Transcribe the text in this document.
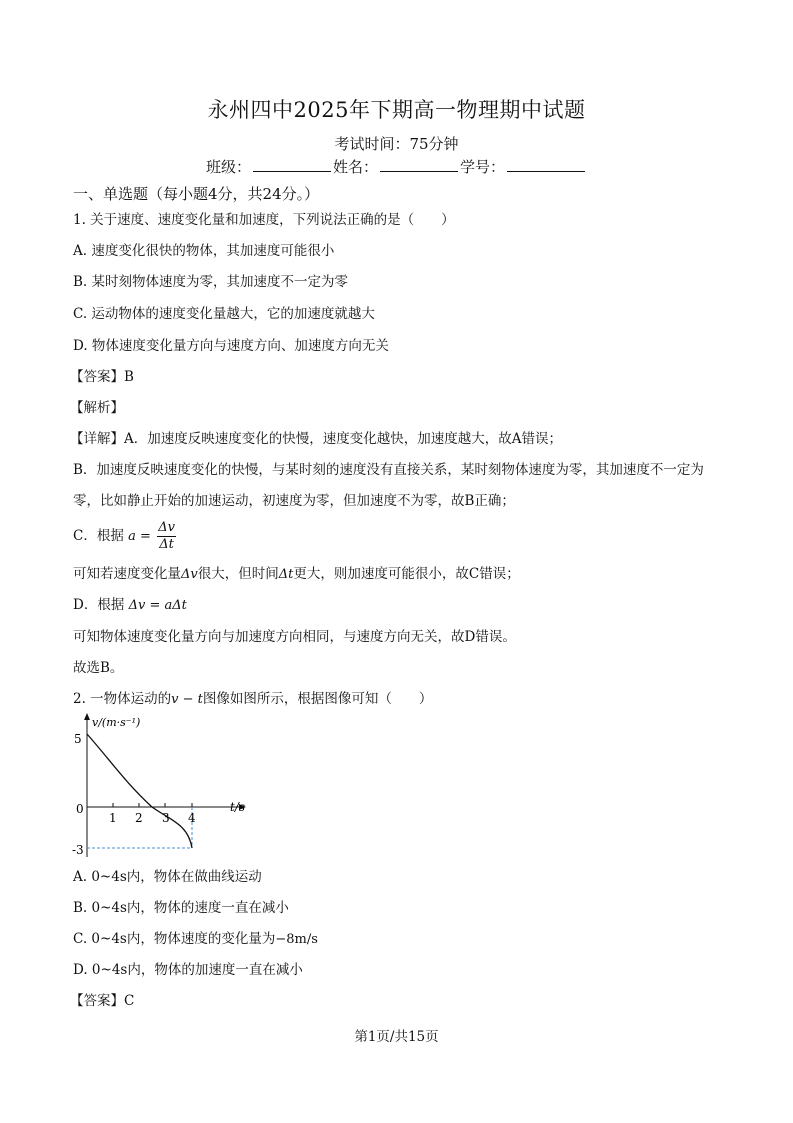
永州四中2025年下期高一物理期中试题
考试时间：75分钟
班级：	姓名：	学号：
一、单选题（每小题4分，共24分。）
1. 关于速度、速度变化量和加速度，下列说法正确的是（　　）
A. 速度变化很快的物体，其加速度可能很小
B. 某时刻物体速度为零，其加速度不一定为零
C. 运动物体的速度变化量越大，它的加速度就越大
D. 物体速度变化量方向与速度方向、加速度方向无关
【答案】B
【解析】
【详解】A．加速度反映速度变化的快慢，速度变化越快，加速度越大，故A错误；
B．加速度反映速度变化的快慢，与某时刻的速度没有直接关系，某时刻物体速度为零，其加速度不一定为
零，比如静止开始的加速运动，初速度为零，但加速度不为零，故B正确；
C．根据 $a = \frac{\Delta v}{\Delta t}$
可知若速度变化量Δv很大，但时间Δt更大，则加速度可能很小，故C错误；
D．根据 Δv = aΔt
可知物体速度变化量方向与加速度方向相同，与速度方向无关，故D错误。
故选B。
2. 一物体运动的v − t图像如图所示，根据图像可知（　　）
v/(m·s⁻¹)
t/s
5
0
-3
1 2 3 4
A. 0~4s内，物体在做曲线运动
B. 0~4s内，物体的速度一直在减小
C. 0~4s内，物体速度的变化量为−8m/s
D. 0~4s内，物体的加速度一直在减小
【答案】C
第1页/共15页
